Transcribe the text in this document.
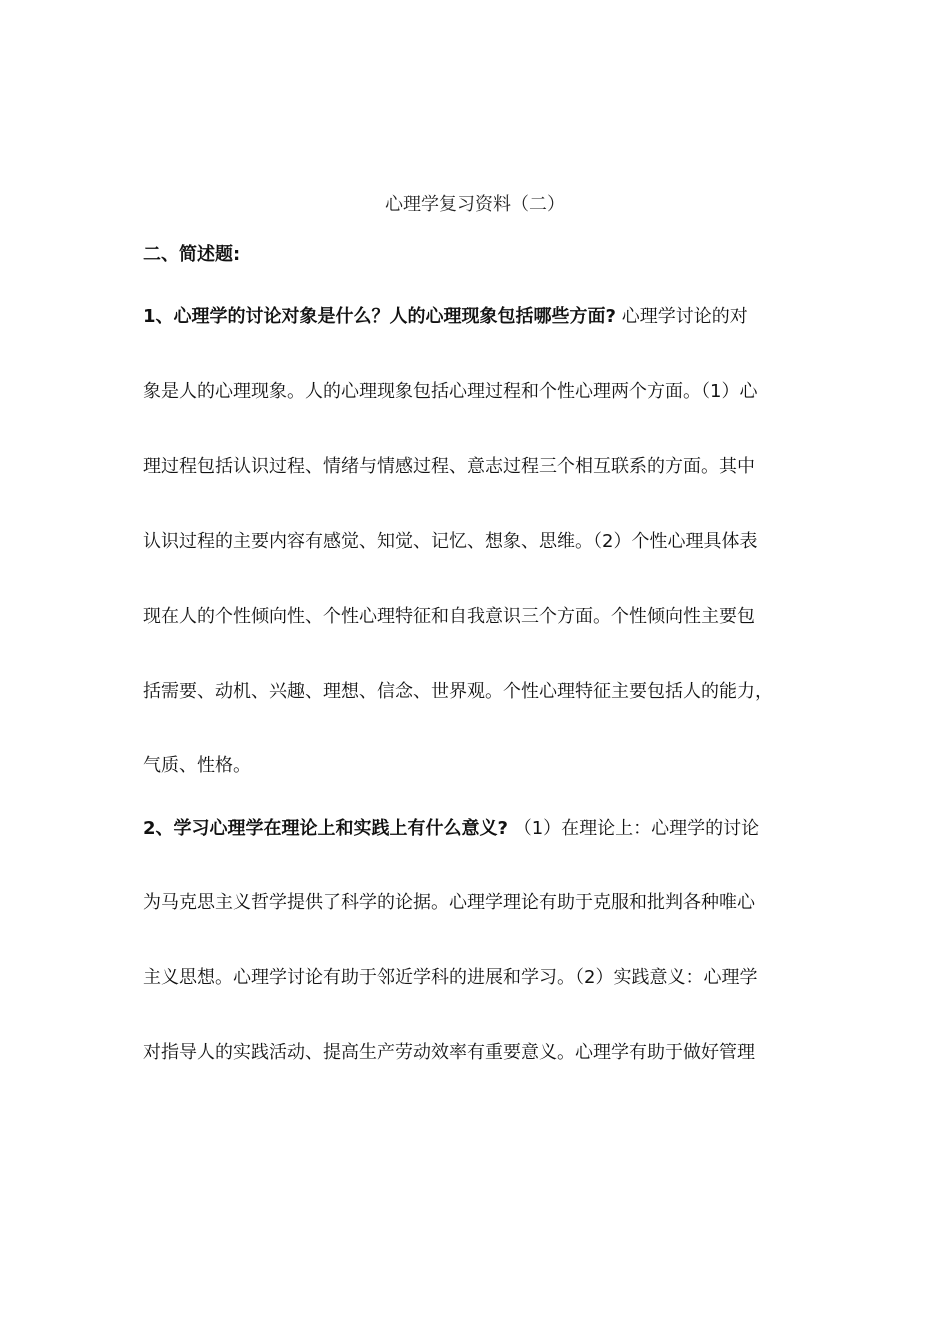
心理学复习资料（二）
二、简述题:
1、心理学的讨论对象是什么？人的心理现象包括哪些方面? 心理学讨论的对
象是人的心理现象。人的心理现象包括心理过程和个性心理两个方面。（1）心
理过程包括认识过程、情绪与情感过程、意志过程三个相互联系的方面。其中
认识过程的主要内容有感觉、知觉、记忆、想象、思维。（2）个性心理具体表
现在人的个性倾向性、个性心理特征和自我意识三个方面。个性倾向性主要包
括需要、动机、兴趣、理想、信念、世界观。个性心理特征主要包括人的能力，
气质、性格。
2、学习心理学在理论上和实践上有什么意义? （1）在理论上：心理学的讨论
为马克思主义哲学提供了科学的论据。心理学理论有助于克服和批判各种唯心
主义思想。心理学讨论有助于邻近学科的进展和学习。（2）实践意义：心理学
对指导人的实践活动、提高生产劳动效率有重要意义。心理学有助于做好管理
